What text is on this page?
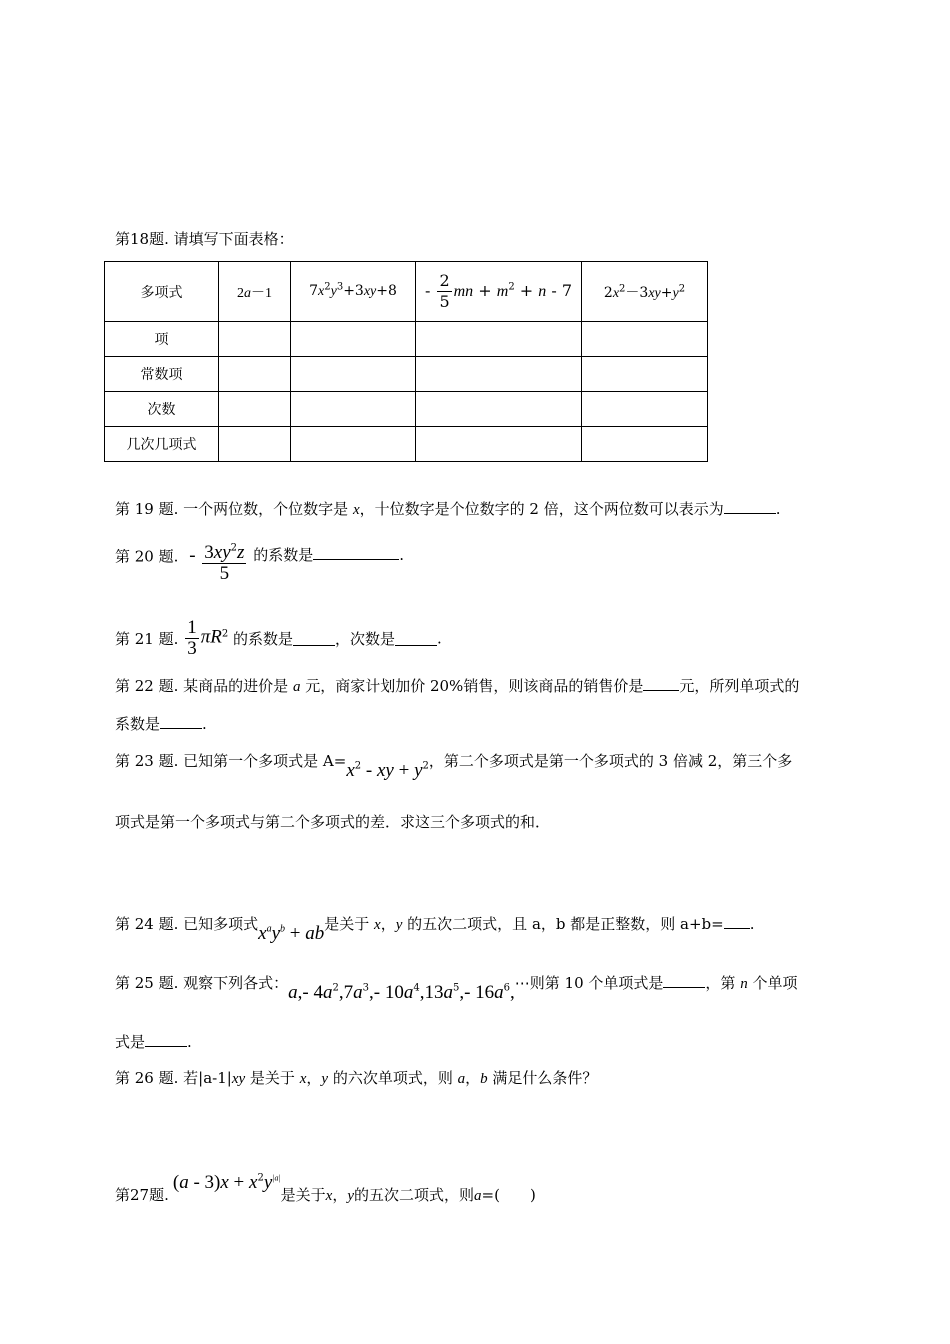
第18题. 请填写下面表格：
多项式	2a－1	$7x^2y^3+3xy+8$	- $\frac{2}{5}$ mn + $m^2 + n - 7$	$2x^2-3xy+y^2$
项				
常数项				
次数				
几次几项式				
第 19 题. 一个两位数，个位数字是 x，十位数字是个位数字的 2 倍，这个两位数可以表示为	.
第 20 题. - $\frac{3xy^2z}{5}$ 的系数是	.
第 21 题. $\frac{1}{3} \pi R^2$ 的系数是	，次数是	.
第 22 题. 某商品的进价是 a 元，商家计划加价 20%销售，则该商品的销售价是 元，所列单项式的
系数是	.
第 23 题. 已知第一个多项式是 $A=x^2$ - xy + $y^2$，第二个多项式是第一个多项式的 3 倍减 2，第三个多
项式是第一个多项式与第二个多项式的差．求这三个多项式的和．
第 24 题. 已知多项式$x^ay^b$ + ab是关于 x，y 的五次二项式，且 a，b 都是正整数，则 a+b= .
第 25 题. 观察下列各式：a,- $4a^2,7a^3,-$ $10a^4,13a^5,-$ $16a^6,\cdots$则第 10 个单项式是	，第 n 个单项
式是	.
第 26 题. 若|a-1|xy 是关于 x，y 的六次单项式，则 a，b 满足什么条件？
第27题$.(a - 3)x + x^2y^{|a|}$是关于x，y的五次二项式，则a=(　　)
